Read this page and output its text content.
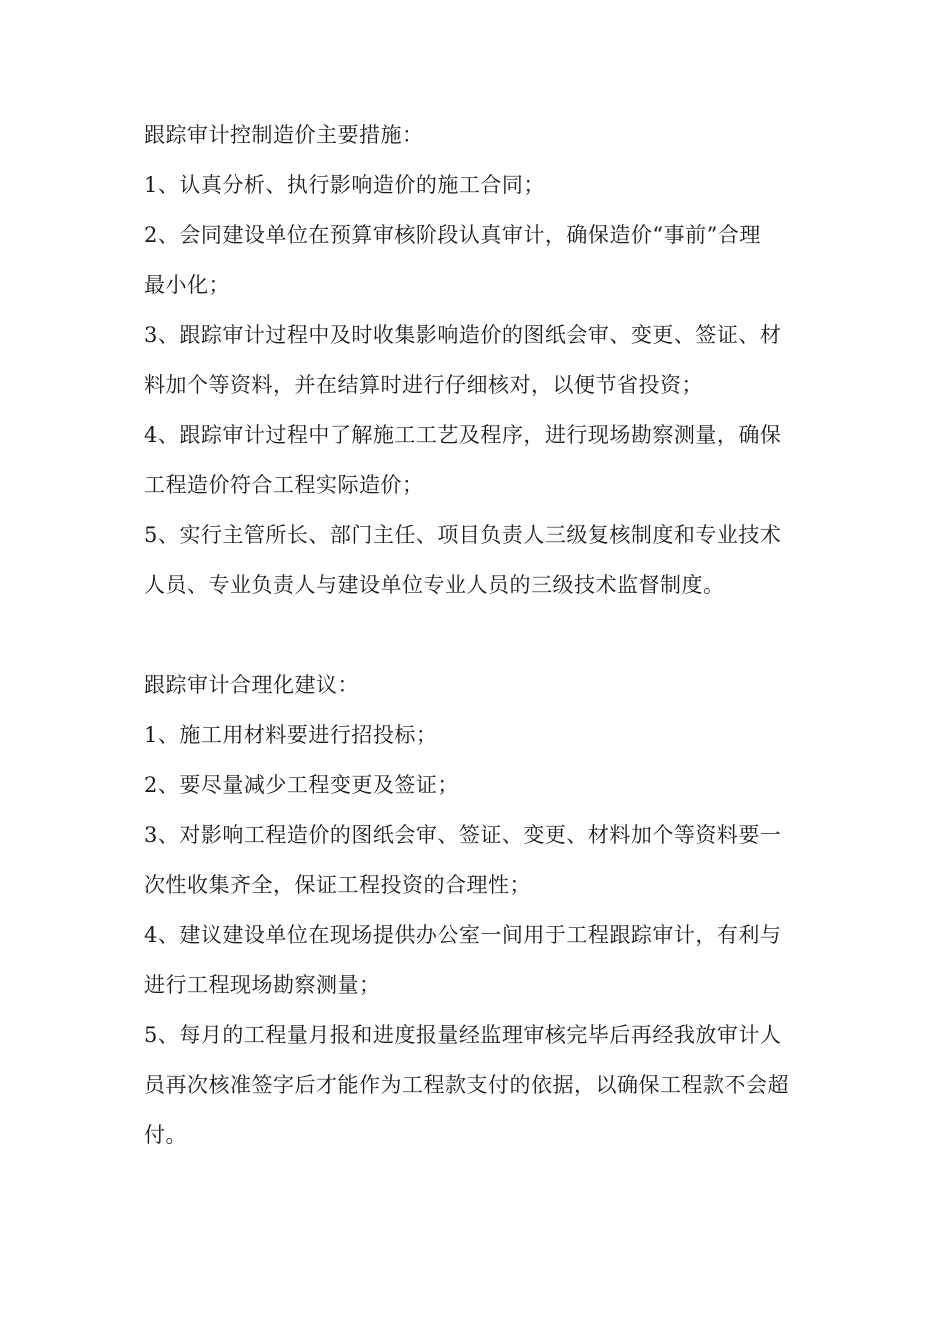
跟踪审计控制造价主要措施：
1、认真分析、执行影响造价的施工合同；
2、会同建设单位在预算审核阶段认真审计，确保造价“事前”合理
最小化；
3、跟踪审计过程中及时收集影响造价的图纸会审、变更、签证、材
料加个等资料，并在结算时进行仔细核对，以便节省投资；
4、跟踪审计过程中了解施工工艺及程序，进行现场勘察测量，确保
工程造价符合工程实际造价；
5、实行主管所长、部门主任、项目负责人三级复核制度和专业技术
人员、专业负责人与建设单位专业人员的三级技术监督制度。
跟踪审计合理化建议：
1、施工用材料要进行招投标；
2、要尽量减少工程变更及签证；
3、对影响工程造价的图纸会审、签证、变更、材料加个等资料要一
次性收集齐全，保证工程投资的合理性；
4、建议建设单位在现场提供办公室一间用于工程跟踪审计，有利与
进行工程现场勘察测量；
5、每月的工程量月报和进度报量经监理审核完毕后再经我放审计人
员再次核准签字后才能作为工程款支付的依据，以确保工程款不会超
付。
